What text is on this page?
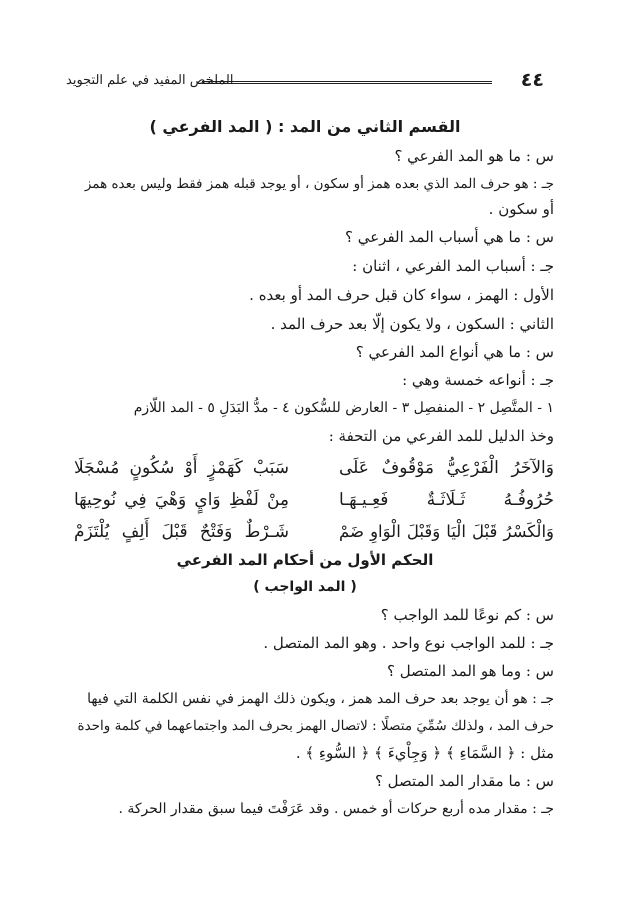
٤٤
الملخص المفيد في علم التجويد
القسم الثاني من المد : ( المد الفرعي )
س : ما هو المد الفرعي ؟
جـ : هو حرف المد الذي بعده همز أو سكون ، أو يوجد قبله همز فقط وليس بعده همز
أو سكون .
س : ما هي أسباب المد الفرعي ؟
جـ : أسباب المد الفرعي ، اثنان :
الأول : الهمز ، سواء كان قبل حرف المد أو بعده .
الثاني : السكون ، ولا يكون إلّا بعد حرف المد .
س : ما هي أنواع المد الفرعي ؟
جـ : أنواعه خمسة وهي :
١ - المتَّصِل ٢ - المنفصِل ٣ - العارض للسُّكون ٤ - مدُّ البَدَلِ ٥ - المد اللّازم
وخذ الدليل للمد الفرعي من التحفة :
وَالآخَرُ الْفَرْعِيُّ مَوْقُوفٌ عَلَى
سَبَبْ كَهَمْزٍ أَوْ سُكُونٍ مُسْجَلَا
حُرُوفُـهُ ثَـلَاثَـةٌ فَعِـيـهَـا
مِنْ لَفْظِ وَايٍ وَهْيَ فِي نُوحِيهَا
وَالْكَسْرُ قَبْلَ الْيَا وَقَبْلَ الْوَاوِ ضَمْ
شَـرْطٌ وَفَتْحٌ قَبْلَ أَلِفٍ يُلْتَزَمْ
الحكم الأول من أحكام المد الفرعي
( المد الواجب )
س : كم نوعًا للمد الواجب ؟
جـ : للمد الواجب نوع واحد . وهو المد المتصل .
س : وما هو المد المتصل ؟
جـ : هو أن يوجد بعد حرف المد همز ، ويكون ذلك الهمز في نفس الكلمة التي فيها
حرف المد ، ولذلك سُمِّيَ متصلًا : لاتصال الهمز بحرف المد واجتماعهما في كلمة واحدة
مثل : ﴿ السَّمَاءِ ﴾ ﴿ وَجِاْيءَ ﴾ ﴿ السُّوءِ ﴾ .
س : ما مقدار المد المتصل ؟
جـ : مقدار مده أربع حركات أو خمس . وقد عَرَفْتَ فيما سبق مقدار الحركة .
